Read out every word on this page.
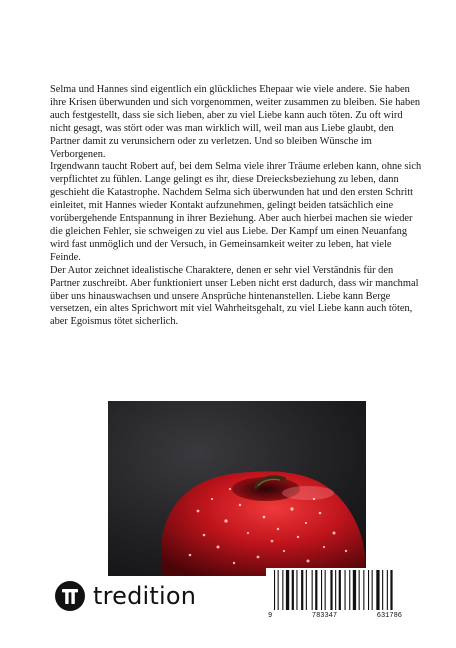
Selma und Hannes sind eigentlich ein glückliches Ehepaar wie viele andere. Sie haben ihre Krisen überwunden und sich vorgenommen, weiter zusammen zu bleiben. Sie haben auch festgestellt, dass sie sich lieben, aber zu viel Liebe kann auch töten. Zu oft wird nicht gesagt, was stört oder was man wirklich will, weil man aus Liebe glaubt, den Partner damit zu verunsichern oder zu verletzen. Und so bleiben Wünsche im Verborgenen.

Irgendwann taucht Robert auf, bei dem Selma viele ihrer Träume erleben kann, ohne sich verpflichtet zu fühlen. Lange gelingt es ihr, diese Dreiecksbeziehung zu leben, dann geschieht die Katastrophe. Nachdem Selma sich überwunden hat und den ersten Schritt einleitet, mit Hannes wieder Kontakt aufzunehmen, gelingt beiden tatsächlich eine vorübergehende Entspannung in ihrer Beziehung. Aber auch hierbei machen sie wieder die gleichen Fehler, sie schweigen zu viel aus Liebe. Der Kampf um einen Neuanfang wird fast unmöglich und der Versuch, in Gemeinsamkeit weiter zu leben, hat viele Feinde.

Der Autor zeichnet idealistische Charaktere, denen er sehr viel Verständnis für den Partner zuschreibt. Aber funktioniert unser Leben nicht erst dadurch, dass wir manchmal über uns hinauswachsen und unsere Ansprüche hintenanstellen. Liebe kann Berge versetzen, ein altes Sprichwort mit viel Wahrheitsgehalt, zu viel Liebe kann auch töten, aber Egoismus tötet sicherlich.

tredition
9	783347	631786
